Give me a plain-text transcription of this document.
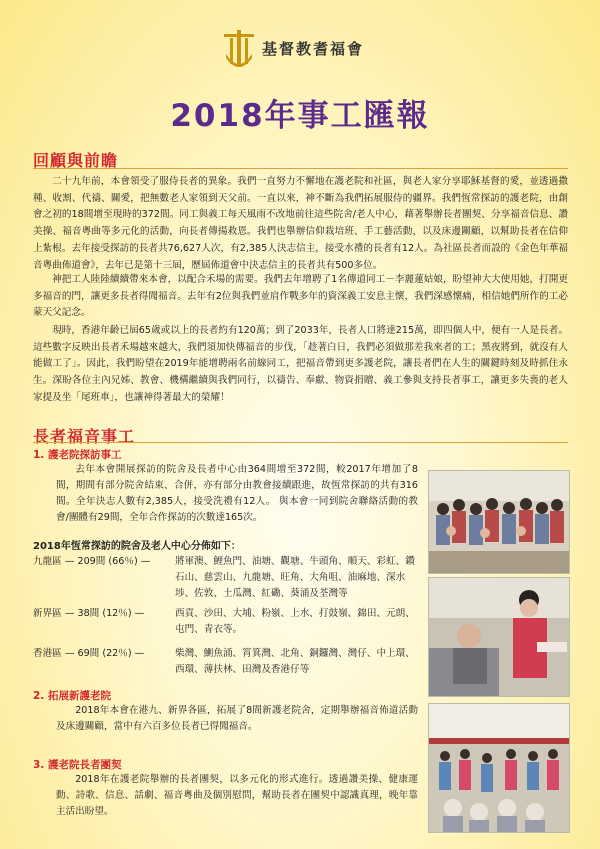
基督教耆福會
2018年事工匯報
回顧與前瞻

二十九年前，本會領受了服侍長者的異象。我們一直努力不懈地在護老院和社區，與老人家分享耶穌基督的愛，並透過撒種、收割、代禱、關愛，把無數老人家領到天父前。一直以來，神不斷為我們拓展服侍的疆界。我們恆常探訪的護老院，由創會之初的18間增至現時的372間。同工與義工每天風雨不改地前往這些院舍/老人中心，藉著舉辦長者團契、分享福音信息、讚美操、福音粵曲等多元化的活動，向長者傳揚救恩。我們也舉辦信仰栽培班、手工藝活動，以及床邊關顧，以幫助長者在信仰上紮根。去年接受探訪的長者共76,627人次，有2,385人決志信主，接受水禮的長者有12人。為社區長者而設的《金色年華福音粵曲佈道會》，去年已是第十三屆，歷屆佈道會中決志信主的長者共有500多位。

神把工人陸陸續續帶來本會，以配合禾場的需要。我們去年增聘了1名傳道同工－李麗蓮姑娘，盼望神大大使用她，打開更多福音的門，讓更多長者得聞福音。去年有2位與我們並肩作戰多年的資深義工安息主懷，我們深感懷痛，相信她們所作的工必蒙天父記念。

現時，香港年齡已屆65歲或以上的長者約有120萬；到了2033年，長者人口將達215萬，即四個人中，便有一人是長者。這些數字反映出長者禾場越來越大，我們須加快傳福音的步伐，「趁著白日，我們必須做那差我來者的工；黑夜將到，就沒有人能做工了」。因此，我們盼望在2019年能增聘兩名前線同工，把福音帶到更多護老院，讓長者們在人生的關鍵時刻及時抓住永生。深盼各位主內兄姊、教會、機構繼續與我們同行，以禱告、奉獻、物資捐贈、義工參與支持長者事工，讓更多失喪的老人家提及坐「尾班車」，也讓神得著最大的榮耀！

長者福音事工
1. 護老院探訪事工

去年本會開展探訪的院舍及長者中心由364間增至372間，較2017年增加了8間，期間有部分院舍結束、合併，亦有部分由教會接續跟進，故恆常探訪的共有316間。全年決志人數有2,385人，接受洗禮有12人。 與本會一同到院舍聯絡活動的教會/團體有29間，全年合作探訪的次數達165次。

2018年恆常探訪的院舍及老人中心分佈如下：
九龍區 — 209間 (66％) —	將軍澳、鯉魚門、油塘、觀塘、牛頭角、順天、彩虹、鑽石山、慈雲山、九龍塘、旺角、大角咀、油麻地、深水埗、佐敦、土瓜灣、紅磡、葵涌及荃灣等
新界區 — 38間 (12％) —	西貢、沙田、大埔、粉嶺、上水、打鼓嶺、錦田、元朗、屯門、青衣等。
香港區 — 69間 (22％) —	柴灣、鰂魚涌、筲箕灣、北角、銅鑼灣、灣仔、中上環、西環、薄扶林、田灣及香港仔等
2. 拓展新護老院

2018年本會在港九、新界各區，拓展了8間新護老院舍，定期舉辦福音佈道活動及床邊關顧，當中有六百多位長者已得聞福音。

3. 護老院長者團契

2018年在護老院舉辦的長者團契，以多元化的形式進行。透過讚美操、健康運動、詩歌、信息、話劇、福音粵曲及個別慰問，幫助長者在團契中認識真理，晚年靠主活出盼望。
